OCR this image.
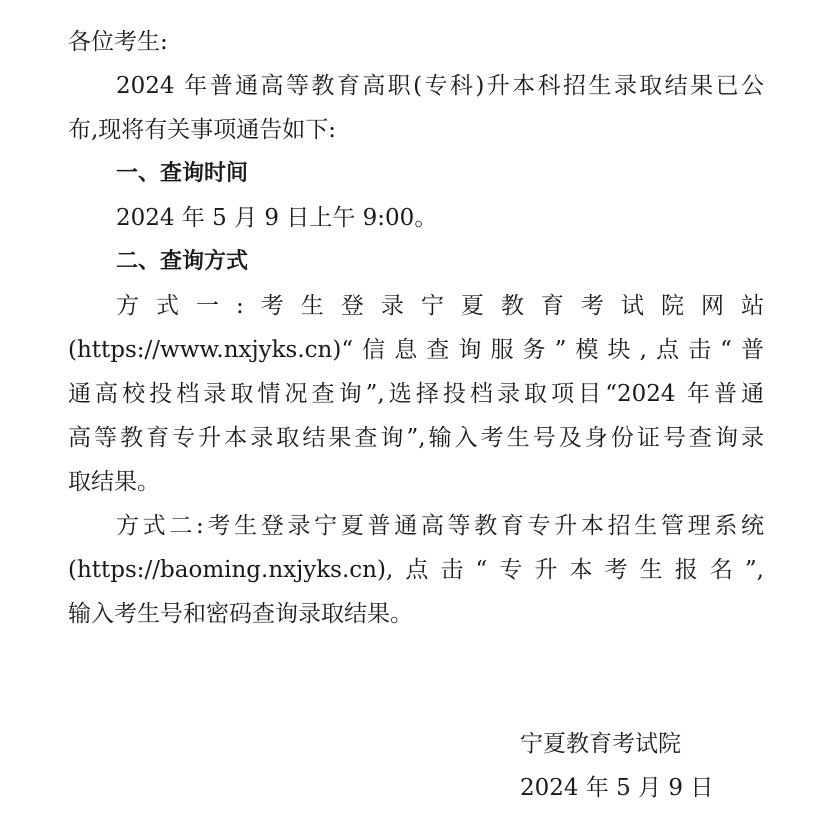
各位考生:
2024 年普通高等教育高职(专科)升本科招生录取结果已公
布,现将有关事项通告如下:
一、查询时间
2024 年 5 月 9 日上午 9:00。
二、查询方式
方式一:考生登录宁夏教育考试院网站
(https://www.nxjyks.cn)“信息查询服务”模块,点击“普
通高校投档录取情况查询”,选择投档录取项目“2024 年普通
高等教育专升本录取结果查询”,输入考生号及身份证号查询录
取结果。
方式二:考生登录宁夏普通高等教育专升本招生管理系统
(https://baoming.nxjyks.cn),点击“专升本考生报名”,
输入考生号和密码查询录取结果。
宁夏教育考试院
2024 年 5 月 9 日
